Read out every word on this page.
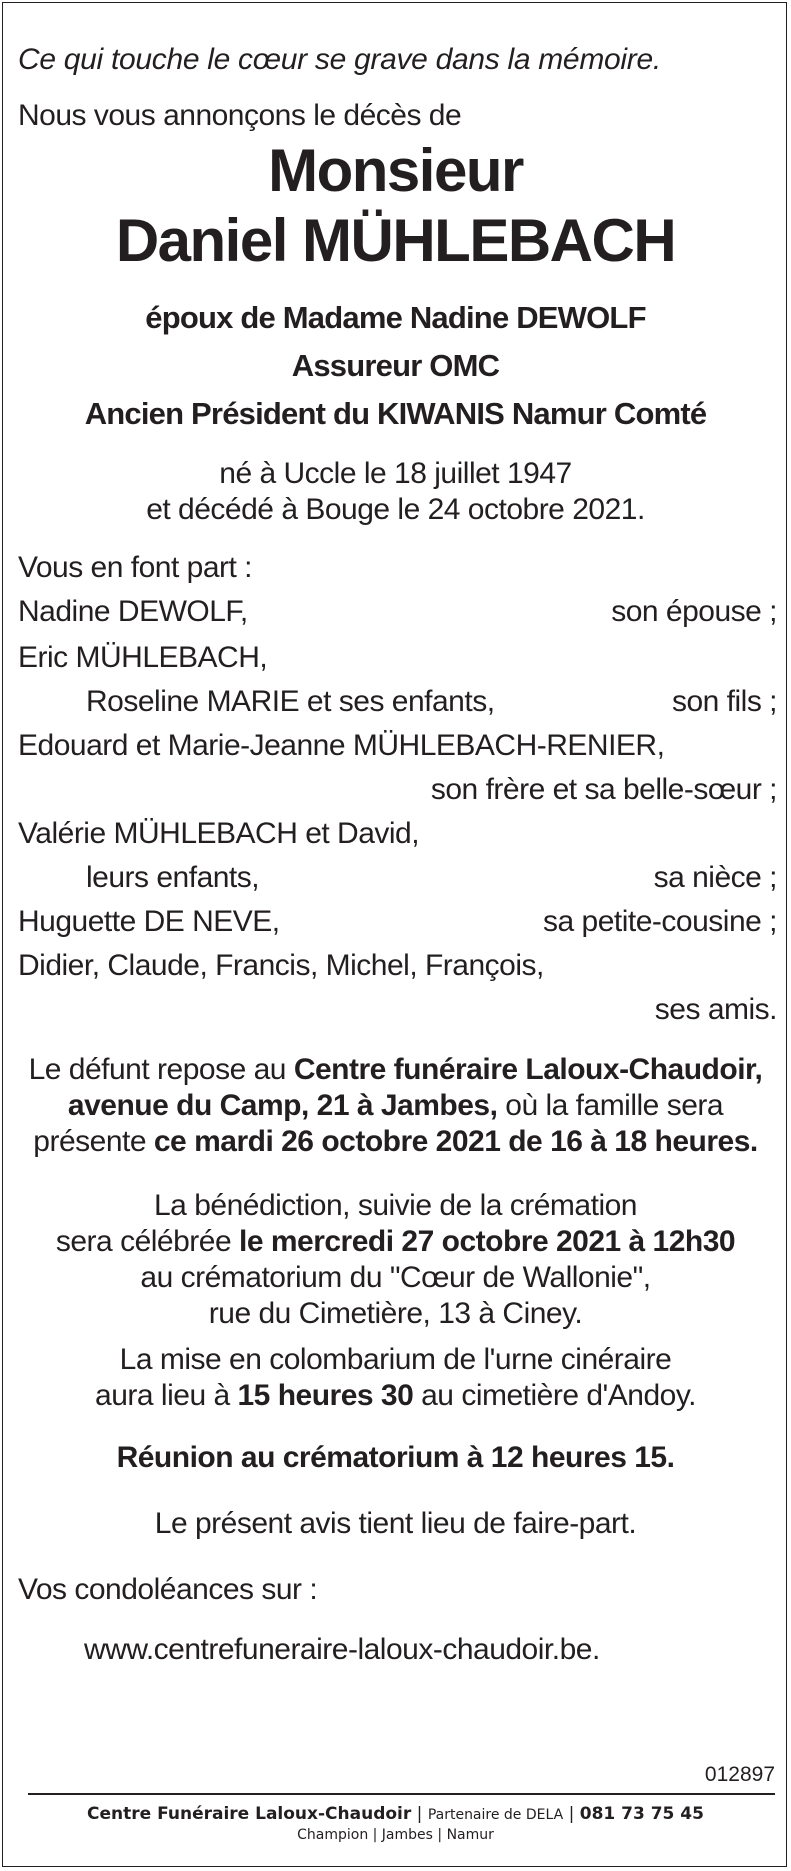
Ce qui touche le cœur se grave dans la mémoire.
Nous vous annonçons le décès de
Monsieur
Daniel MÜHLEBACH
époux de Madame Nadine DEWOLF
Assureur OMC
Ancien Président du KIWANIS Namur Comté
né à Uccle le 18 juillet 1947
et décédé à Bouge le 24 octobre 2021.
Vous en font part :
Nadine DEWOLF,	son épouse ;
Eric MÜHLEBACH,
Roseline MARIE et ses enfants,	son fils ;
Edouard et Marie-Jeanne MÜHLEBACH-RENIER,
son frère et sa belle-sœur ;
Valérie MÜHLEBACH et David,
leurs enfants,	sa nièce ;
Huguette DE NEVE,	sa petite-cousine ;
Didier, Claude, Francis, Michel, François,
ses amis.
Le défunt repose au Centre funéraire Laloux-Chaudoir,
avenue du Camp, 21 à Jambes, où la famille sera
présente ce mardi 26 octobre 2021 de 16 à 18 heures.
La bénédiction, suivie de la crémation
sera célébrée le mercredi 27 octobre 2021 à 12h30
au crématorium du "Cœur de Wallonie",
rue du Cimetière, 13 à Ciney.
La mise en colombarium de l'urne cinéraire
aura lieu à 15 heures 30 au cimetière d'Andoy.
Réunion au crématorium à 12 heures 15.
Le présent avis tient lieu de faire-part.
Vos condoléances sur :
www.centrefuneraire-laloux-chaudoir.be.
012897
Centre Funéraire Laloux-Chaudoir | Partenaire de DELA | 081 73 75 45
Champion | Jambes | Namur
